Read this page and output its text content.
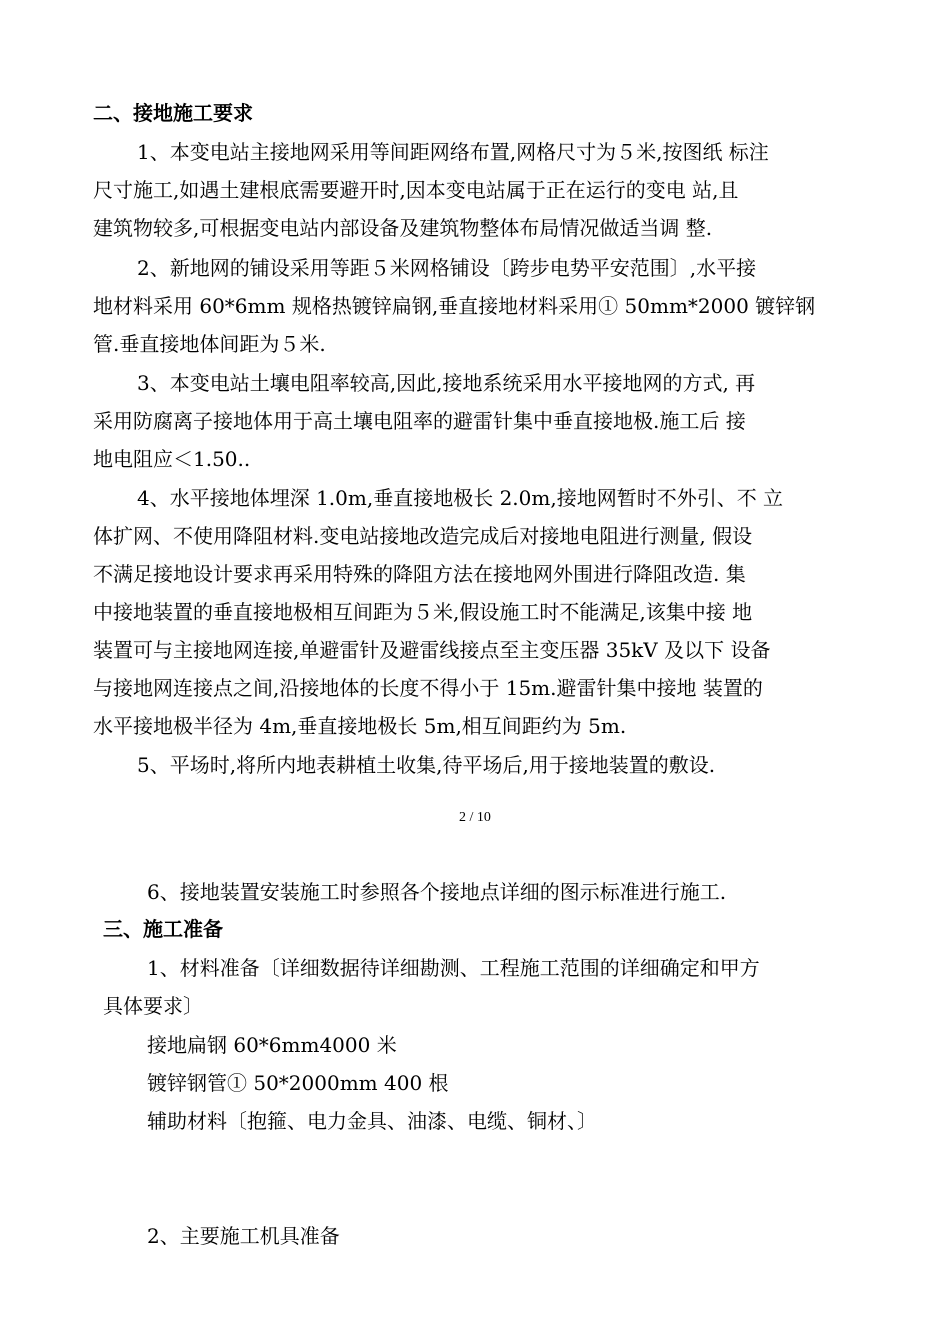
二、接地施工要求
1、本变电站主接地网采用等间距网络布置,网格尺寸为５米,按图纸 标注
尺寸施工,如遇土建根底需要避开时,因本变电站属于正在运行的变电 站,且
建筑物较多,可根据变电站内部设备及建筑物整体布局情况做适当调 整.
2、新地网的铺设采用等距５米网格铺设〔跨步电势平安范围〕,水平接
地材料采用 60*6mm 规格热镀锌扁钢,垂直接地材料采用① 50mm*2000 镀锌钢
管.垂直接地体间距为５米.
3、本变电站土壤电阻率较高,因此,接地系统采用水平接地网的方式, 再
采用防腐离子接地体用于高土壤电阻率的避雷针集中垂直接地极.施工后 接
地电阻应＜1.50..
4、水平接地体埋深 1.0m,垂直接地极长 2.0m,接地网暂时不外引、不 立
体扩网、不使用降阻材料.变电站接地改造完成后对接地电阻进行测量, 假设
不满足接地设计要求再采用特殊的降阻方法在接地网外围进行降阻改造. 集
中接地装置的垂直接地极相互间距为５米,假设施工时不能满足,该集中接 地
装置可与主接地网连接,单避雷针及避雷线接点至主变压器 35kV 及以下 设备
与接地网连接点之间,沿接地体的长度不得小于 15m.避雷针集中接地 装置的
水平接地极半径为 4m,垂直接地极长 5m,相互间距约为 5m.
5、平场时,将所内地表耕植土收集,待平场后,用于接地装置的敷设.
2 / 10
6、接地装置安装施工时参照各个接地点详细的图示标准进行施工.
三、施工准备
1、材料准备〔详细数据待详细勘测、工程施工范围的详细确定和甲方
具体要求〕
接地扁钢 60*6mm4000 米
镀锌钢管① 50*2000mm 400 根
辅助材料〔抱箍、电力金具、油漆、电缆、铜材、〕
2、主要施工机具准备
